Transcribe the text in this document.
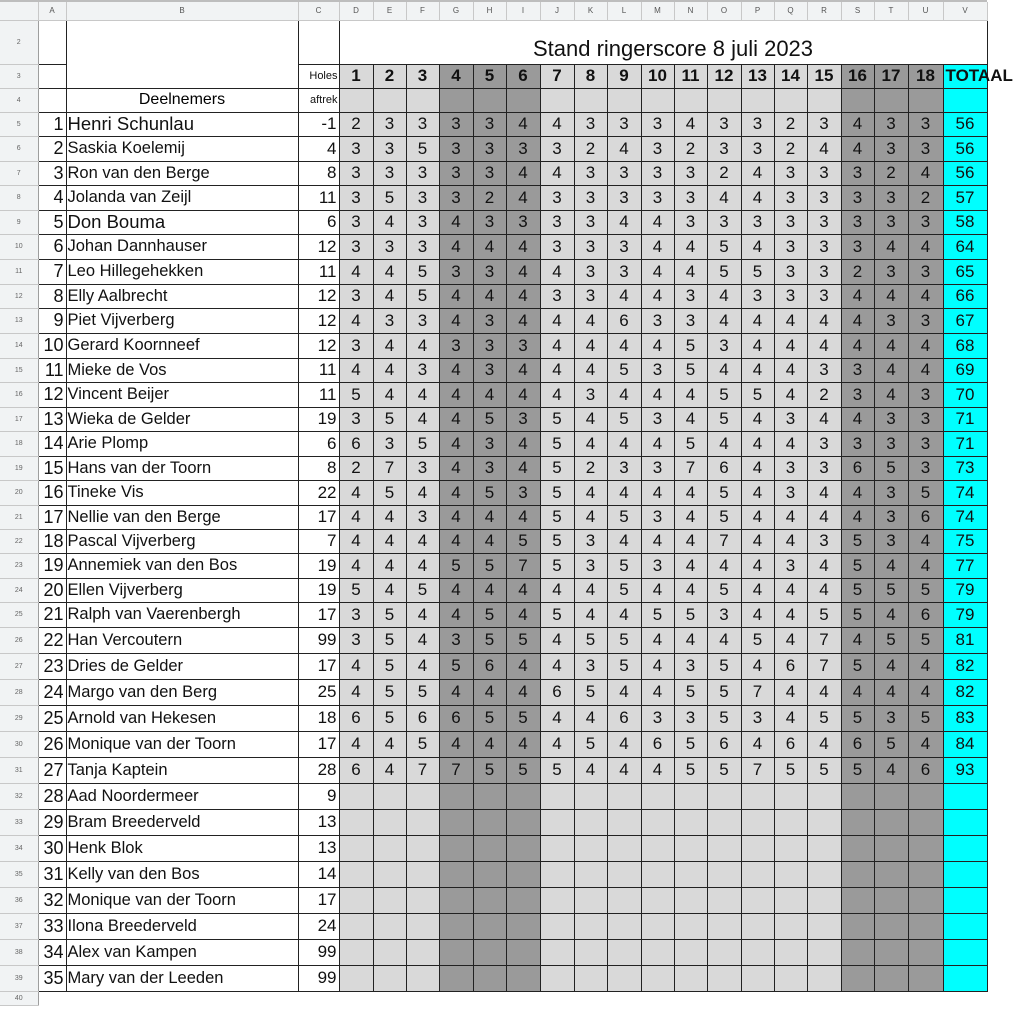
	A	B	C	D	E	F	G	H	I	J	K	L	M	N	O	P	Q	R	S	T	U	V	
2				Stand ringerscore 8 juli 2023																			
3			Holes	1	2	3	4	5	6	7	8	9	10	11	12	13	14	15	16	17	18	TOTAAL	
4		Deelnemers	aftrek																				
5	1	Henri Schunlau	-1	2	3	3	3	3	4	4	3	3	3	4	3	3	2	3	4	3	3	56	
6	2	Saskia Koelemij	4	3	3	5	3	3	3	3	2	4	3	2	3	3	2	4	4	3	3	56	
7	3	Ron van den Berge	8	3	3	3	3	3	4	4	3	3	3	3	2	4	3	3	3	2	4	56	
8	4	Jolanda van Zeijl	11	3	5	3	3	2	4	3	3	3	3	3	4	4	3	3	3	3	2	57	
9	5	Don Bouma	6	3	4	3	4	3	3	3	3	4	4	3	3	3	3	3	3	3	3	58	
10	6	Johan Dannhauser	12	3	3	3	4	4	4	3	3	3	4	4	5	4	3	3	3	4	4	64	
11	7	Leo Hillegehekken	11	4	4	5	3	3	4	4	3	3	4	4	5	5	3	3	2	3	3	65	
12	8	Elly Aalbrecht	12	3	4	5	4	4	4	3	3	4	4	3	4	3	3	3	4	4	4	66	
13	9	Piet Vijverberg	12	4	3	3	4	3	4	4	4	6	3	3	4	4	4	4	4	3	3	67	
14	10	Gerard Koornneef	12	3	4	4	3	3	3	4	4	4	4	5	3	4	4	4	4	4	4	68	
15	11	Mieke de Vos	11	4	4	3	4	3	4	4	4	5	3	5	4	4	4	3	3	4	4	69	
16	12	Vincent Beijer	11	5	4	4	4	4	4	4	3	4	4	4	5	5	4	2	3	4	3	70	
17	13	Wieka de Gelder	19	3	5	4	4	5	3	5	4	5	3	4	5	4	3	4	4	3	3	71	
18	14	Arie Plomp	6	6	3	5	4	3	4	5	4	4	4	5	4	4	4	3	3	3	3	71	
19	15	Hans van der Toorn	8	2	7	3	4	3	4	5	2	3	3	7	6	4	3	3	6	5	3	73	
20	16	Tineke Vis	22	4	5	4	4	5	3	5	4	4	4	4	5	4	3	4	4	3	5	74	
21	17	Nellie van den Berge	17	4	4	3	4	4	4	5	4	5	3	4	5	4	4	4	4	3	6	74	
22	18	Pascal Vijverberg	7	4	4	4	4	4	5	5	3	4	4	4	7	4	4	3	5	3	4	75	
23	19	Annemiek van den Bos	19	4	4	4	5	5	7	5	3	5	3	4	4	4	3	4	5	4	4	77	
24	20	Ellen Vijverberg	19	5	4	5	4	4	4	4	4	5	4	4	5	4	4	4	5	5	5	79	
25	21	Ralph van Vaerenbergh	17	3	5	4	4	5	4	5	4	4	5	5	3	4	4	5	5	4	6	79	
26	22	Han Vercoutern	99	3	5	4	3	5	5	4	5	5	4	4	4	5	4	7	4	5	5	81	
27	23	Dries de Gelder	17	4	5	4	5	6	4	4	3	5	4	3	5	4	6	7	5	4	4	82	
28	24	Margo van den Berg	25	4	5	5	4	4	4	6	5	4	4	5	5	7	4	4	4	4	4	82	
29	25	Arnold van Hekesen	18	6	5	6	6	5	5	4	4	6	3	3	5	3	4	5	5	3	5	83	
30	26	Monique van der Toorn	17	4	4	5	4	4	4	4	5	4	6	5	6	4	6	4	6	5	4	84	
31	27	Tanja Kaptein	28	6	4	7	7	5	5	5	4	4	4	5	5	7	5	5	5	4	6	93	
32	28	Aad Noordermeer	9																				
33	29	Bram Breederveld	13																				
34	30	Henk Blok	13																				
35	31	Kelly van den Bos	14																				
36	32	Monique van der Toorn	17																				
37	33	Ilona Breederveld	24																				
38	34	Alex van Kampen	99																				
39	35	Mary van der Leeden	99																				
40																							
